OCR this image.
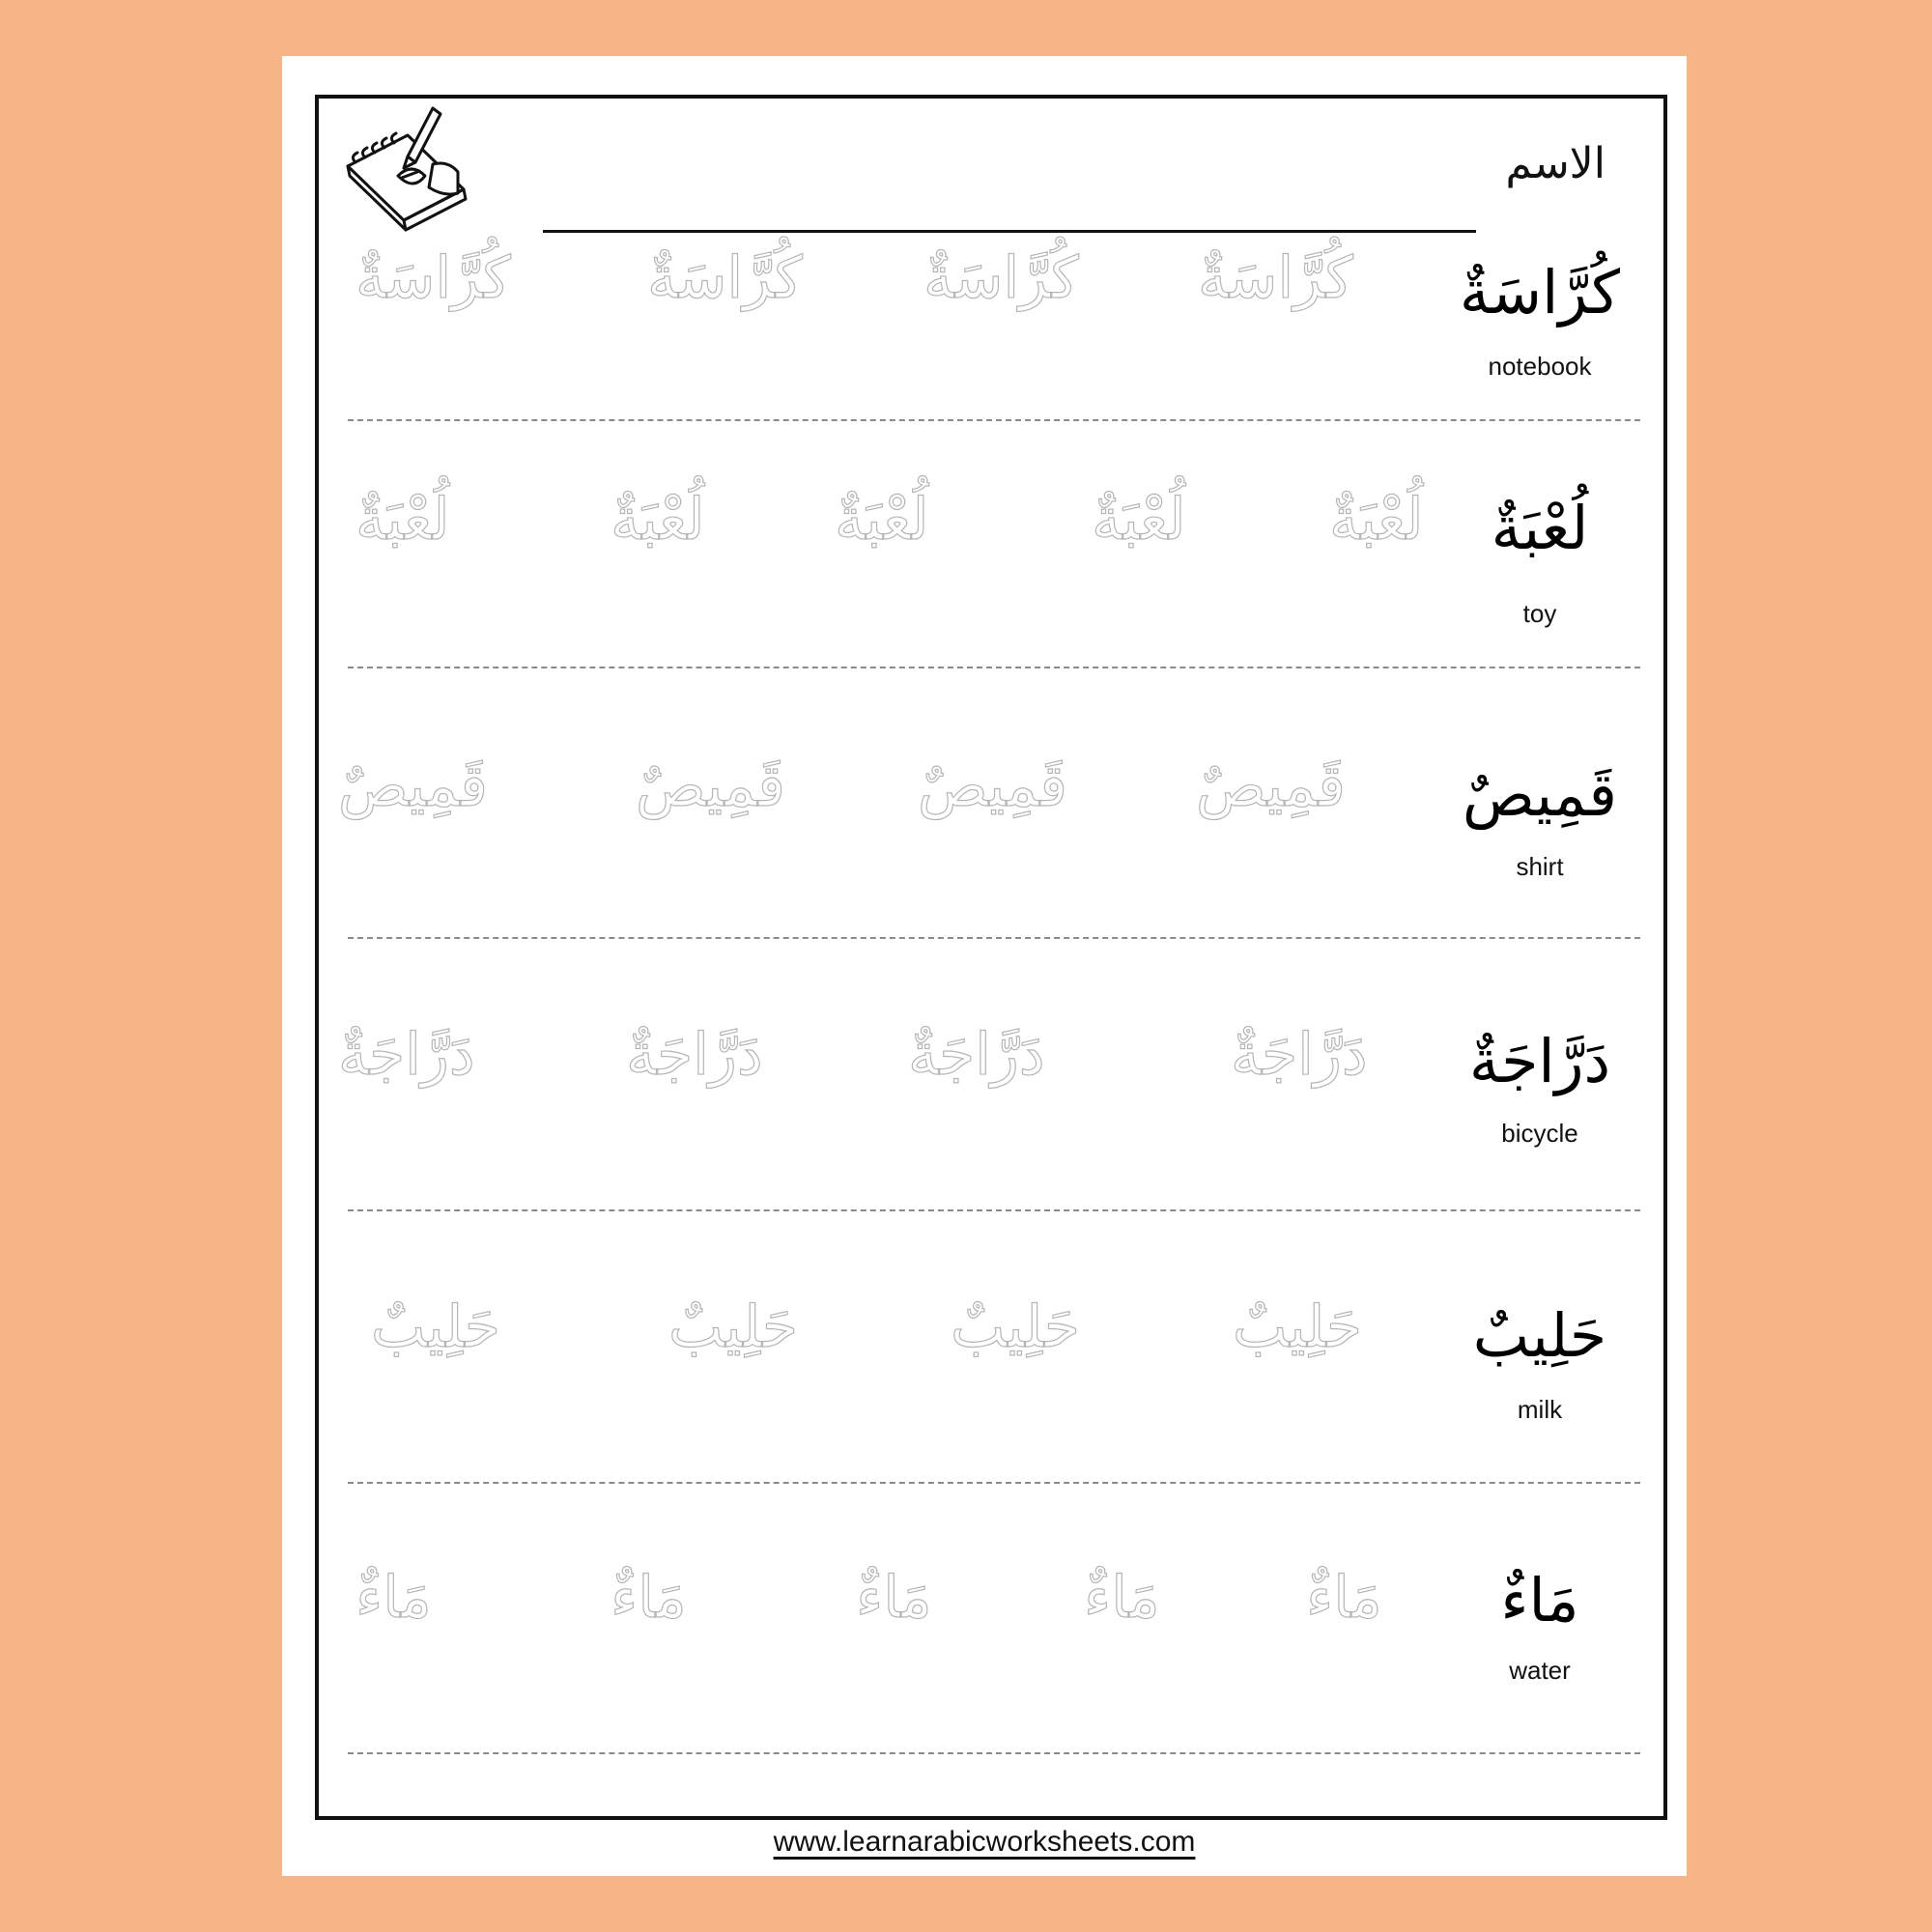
الاسم
كُرَّاسَةٌ
notebook
كُرَّاسَةٌ
كُرَّاسَةٌ
كُرَّاسَةٌ
كُرَّاسَةٌ
لُعْبَةٌ
toy
لُعْبَةٌ
لُعْبَةٌ
لُعْبَةٌ
لُعْبَةٌ
لُعْبَةٌ
قَمِيصٌ
shirt
قَمِيصٌ
قَمِيصٌ
قَمِيصٌ
قَمِيصٌ
دَرَّاجَةٌ
bicycle
دَرَّاجَةٌ
دَرَّاجَةٌ
دَرَّاجَةٌ
دَرَّاجَةٌ
حَلِيبٌ
milk
حَلِيبٌ
حَلِيبٌ
حَلِيبٌ
حَلِيبٌ
مَاءٌ
water
مَاءٌ
مَاءٌ
مَاءٌ
مَاءٌ
مَاءٌ
www.learnarabicworksheets.com
